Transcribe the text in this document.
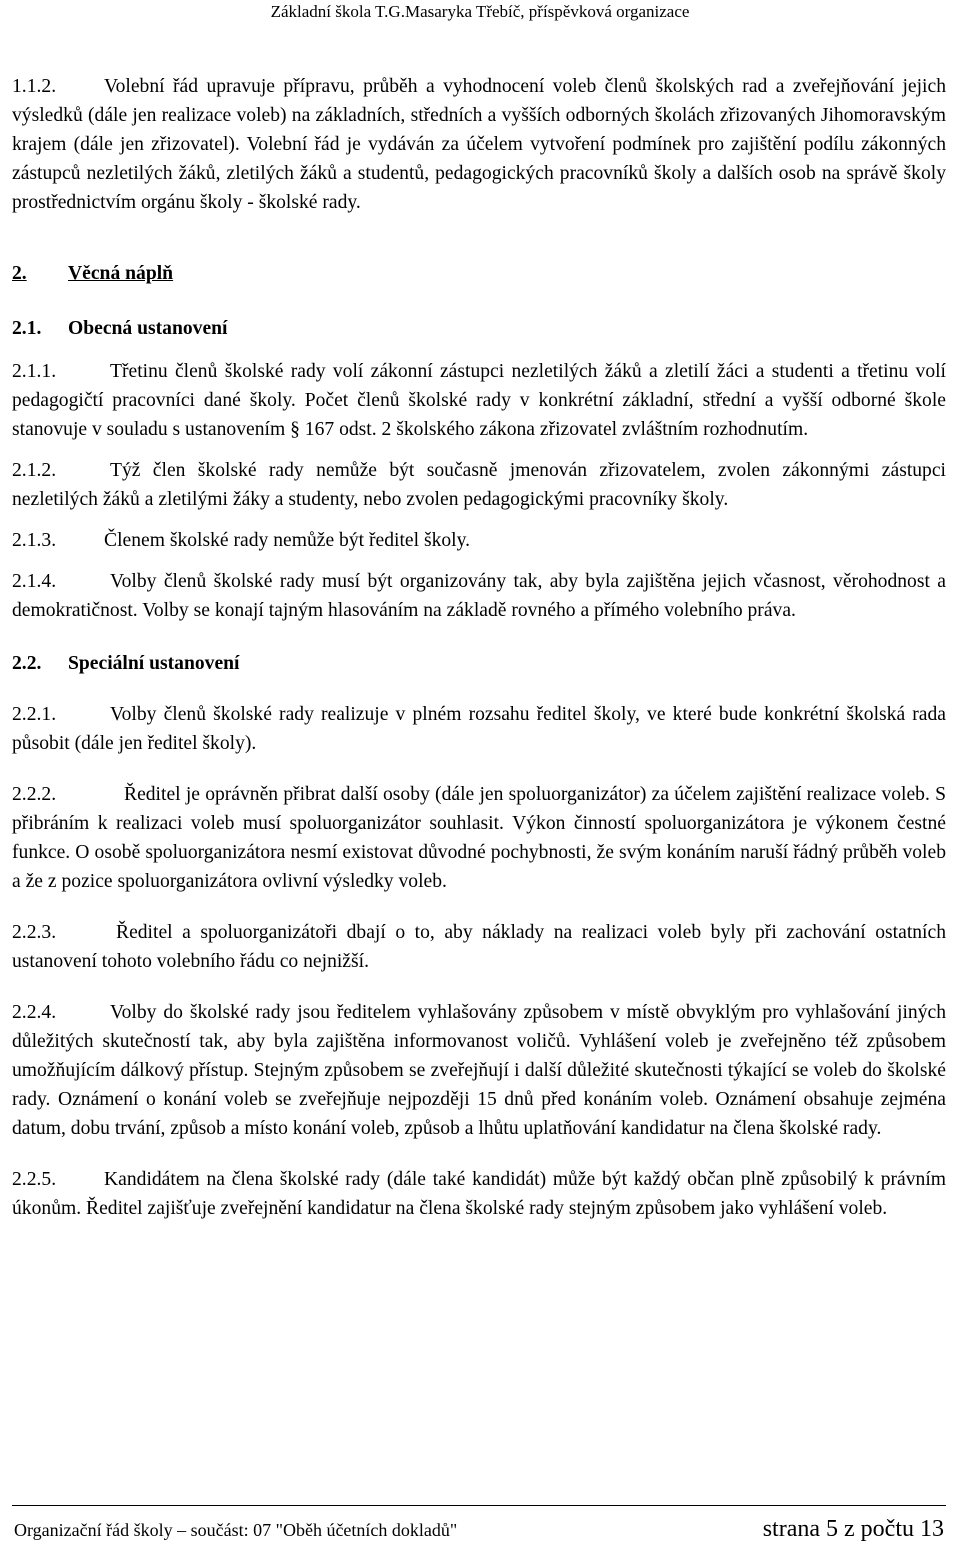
Základní škola T.G.Masaryka Třebíč, příspěvková organizace

1.1.2. Volební řád upravuje přípravu, průběh a vyhodnocení voleb členů školských rad a zveřejňování jejich výsledků (dále jen realizace voleb) na základních, středních a vyšších odborných školách zřizovaných Jihomoravským krajem (dále jen zřizovatel). Volební řád je vydáván za účelem vytvoření podmínek pro zajištění podílu zákonných zástupců nezletilých žáků, zletilých žáků a studentů, pedagogických pracovníků školy a dalších osob na správě školy prostřednictvím orgánu školy - školské rady.

2. Věcná náplň

2.1. Obecná ustanovení

2.1.1.	Třetinu členů školské rady volí zákonní zástupci nezletilých žáků a zletilí žáci a studenti a třetinu volí pedagogičtí pracovníci dané školy. Počet členů školské rady v konkrétní základní, střední a vyšší odborné škole stanovuje v souladu s ustanovením § 167 odst. 2 školského zákona zřizovatel zvláštním rozhodnutím.

2.1.2.	Týž člen školské rady nemůže být současně jmenován zřizovatelem, zvolen zákonnými zástupci nezletilých žáků a zletilými žáky a studenty, nebo zvolen pedagogickými pracovníky školy.

2.1.3. Členem školské rady nemůže být ředitel školy.

2.1.4.	Volby členů školské rady musí být organizovány tak, aby byla zajištěna jejich včasnost, věrohodnost a demokratičnost. Volby se konají tajným hlasováním na základě rovného a přímého volebního práva.

2.2. Speciální ustanovení

2.2.1.	Volby členů školské rady realizuje v plném rozsahu ředitel školy, ve které bude konkrétní školská rada působit (dále jen ředitel školy).

2.2.2.	Ředitel je oprávněn přibrat další osoby (dále jen spoluorganizátor) za účelem zajištění realizace voleb. S přibráním k realizaci voleb musí spoluorganizátor souhlasit. Výkon činností spoluorganizátora je výkonem čestné funkce. O osobě spoluorganizátora nesmí existovat důvodné pochybnosti, že svým konáním naruší řádný průběh voleb a že z pozice spoluorganizátora ovlivní výsledky voleb.

2.2.3.	Ředitel a spoluorganizátoři dbají o to, aby náklady na realizaci voleb byly při zachování ostatních ustanovení tohoto volebního řádu co nejnižší.

2.2.4.	Volby do školské rady jsou ředitelem vyhlašovány způsobem v místě obvyklým pro vyhlašování jiných důležitých skutečností tak, aby byla zajištěna informovanost voličů. Vyhlášení voleb je zveřejněno též způsobem umožňujícím dálkový přístup. Stejným způsobem se zveřejňují i další důležité skutečnosti týkající se voleb do školské rady. Oznámení o konání voleb se zveřejňuje nejpozději 15 dnů před konáním voleb. Oznámení obsahuje zejména datum, dobu trvání, způsob a místo konání voleb, způsob a lhůtu uplatňování kandidatur na člena školské rady.

2.2.5. Kandidátem na člena školské rady (dále také kandidát) může být každý občan plně způsobilý k právním úkonům. Ředitel zajišťuje zveřejnění kandidatur na člena školské rady stejným způsobem jako vyhlášení voleb.

Organizační řád školy – součást: 07 "Oběh účetních dokladů"	strana 5 z počtu 13
